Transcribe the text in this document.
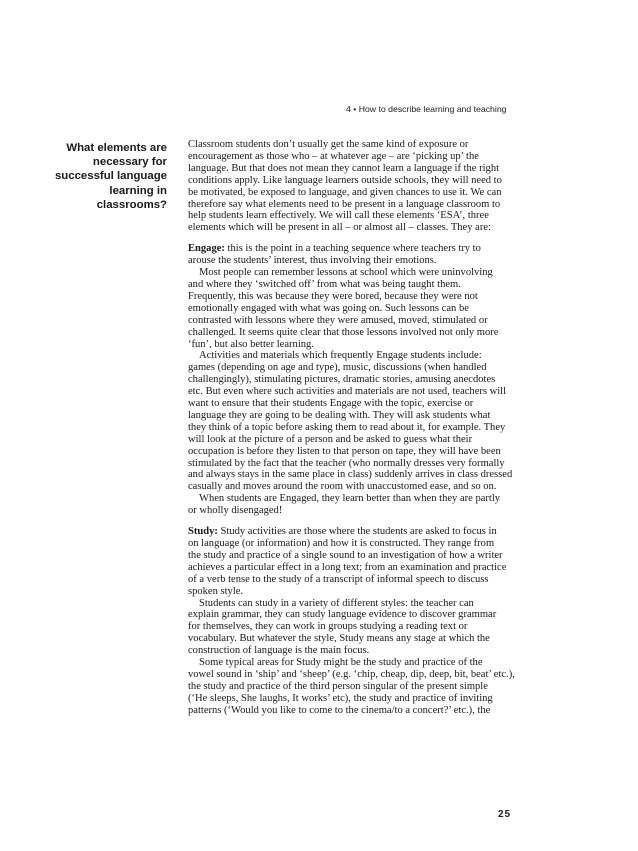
4 • How to describe learning and teaching
What elements are
necessary for
successful language
learning in
classrooms?
Classroom students don’t usually get the same kind of exposure or
encouragement as those who – at whatever age – are ‘picking up’ the
language. But that does not mean they cannot learn a language if the right
conditions apply. Like language learners outside schools, they will need to
be motivated, be exposed to language, and given chances to use it. We can
therefore say what elements need to be present in a language classroom to
help students learn effectively. We will call these elements ‘ESA’, three
elements which will be present in all – or almost all – classes. They are:
Engage: this is the point in a teaching sequence where teachers try to
arouse the students’ interest, thus involving their emotions.
Most people can remember lessons at school which were uninvolving
and where they ‘switched off’ from what was being taught them.
Frequently, this was because they were bored, because they were not
emotionally engaged with what was going on. Such lessons can be
contrasted with lessons where they were amused, moved, stimulated or
challenged. It seems quite clear that those lessons involved not only more
‘fun’, but also better learning.
Activities and materials which frequently Engage students include:
games (depending on age and type), music, discussions (when handled
challengingly), stimulating pictures, dramatic stories, amusing anecdotes
etc. But even where such activities and materials are not used, teachers will
want to ensure that their students Engage with the topic, exercise or
language they are going to be dealing with. They will ask students what
they think of a topic before asking them to read about it, for example. They
will look at the picture of a person and be asked to guess what their
occupation is before they listen to that person on tape, they will have been
stimulated by the fact that the teacher (who normally dresses very formally
and always stays in the same place in class) suddenly arrives in class dressed
casually and moves around the room with unaccustomed ease, and so on.
When students are Engaged, they learn better than when they are partly
or wholly disengaged!
Study: Study activities are those where the students are asked to focus in
on language (or information) and how it is constructed. They range from
the study and practice of a single sound to an investigation of how a writer
achieves a particular effect in a long text; from an examination and practice
of a verb tense to the study of a transcript of informal speech to discuss
spoken style.
Students can study in a variety of different styles: the teacher can
explain grammar, they can study language evidence to discover grammar
for themselves, they can work in groups studying a reading text or
vocabulary. But whatever the style, Study means any stage at which the
construction of language is the main focus.
Some typical areas for Study might be the study and practice of the
vowel sound in ‘ship’ and ‘sheep’ (e.g. ‘chip, cheap, dip, deep, bit, beat’ etc.),
the study and practice of the third person singular of the present simple
(‘He sleeps, She laughs, It works’ etc), the study and practice of inviting
patterns (‘Would you like to come to the cinema/to a concert?’ etc.), the
25
